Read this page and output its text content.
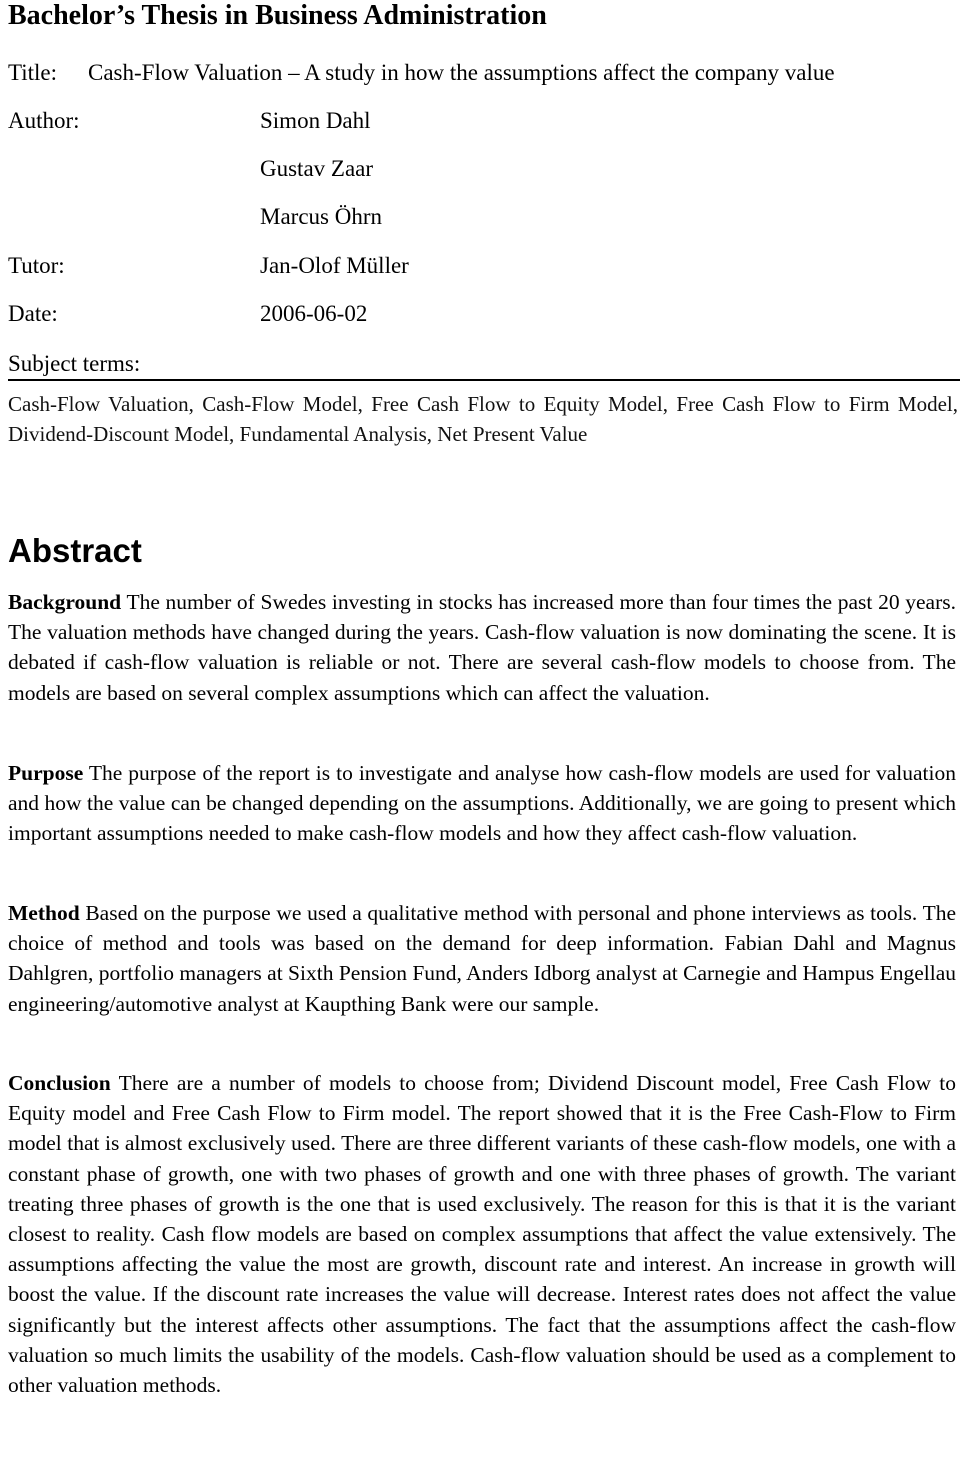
Bachelor’s Thesis in Business Administration
Title: Cash-Flow Valuation – A study in how the assumptions affect the company value
Author:	Simon Dahl
Gustav Zaar
Marcus Öhrn
Tutor:	Jan-Olof Müller
Date:	2006-06-02
Subject terms:
Cash-Flow Valuation, Cash-Flow Model, Free Cash Flow to Equity Model, Free Cash Flow to Firm Model, Dividend-Discount Model, Fundamental Analysis, Net Present Value
Abstract
Background The number of Swedes investing in stocks has increased more than four times the past 20 years. The valuation methods have changed during the years. Cash-flow valuation is now dominating the scene. It is debated if cash-flow valuation is reliable or not. There are several cash-flow models to choose from. The models are based on several complex assumptions which can affect the valuation.
Purpose The purpose of the report is to investigate and analyse how cash-flow models are used for valuation and how the value can be changed depending on the assumptions. Additionally, we are going to present which important assumptions needed to make cash-flow models and how they affect cash-flow valuation.
Method Based on the purpose we used a qualitative method with personal and phone interviews as tools. The choice of method and tools was based on the demand for deep information. Fabian Dahl and Magnus Dahlgren, portfolio managers at Sixth Pension Fund, Anders Idborg analyst at Carnegie and Hampus Engellau engineering/automotive analyst at Kaupthing Bank were our sample.
Conclusion There are a number of models to choose from; Dividend Discount model, Free Cash Flow to Equity model and Free Cash Flow to Firm model. The report showed that it is the Free Cash-Flow to Firm model that is almost exclusively used. There are three different variants of these cash-flow models, one with a constant phase of growth, one with two phases of growth and one with three phases of growth. The variant treating three phases of growth is the one that is used exclusively. The reason for this is that it is the variant closest to reality. Cash flow models are based on complex assumptions that affect the value extensively. The assumptions affecting the value the most are growth, discount rate and interest. An increase in growth will boost the value. If the discount rate increases the value will decrease. Interest rates does not affect the value significantly but the interest affects other assumptions. The fact that the assumptions affect the cash-flow valuation so much limits the usability of the models. Cash-flow valuation should be used as a complement to other valuation methods.
